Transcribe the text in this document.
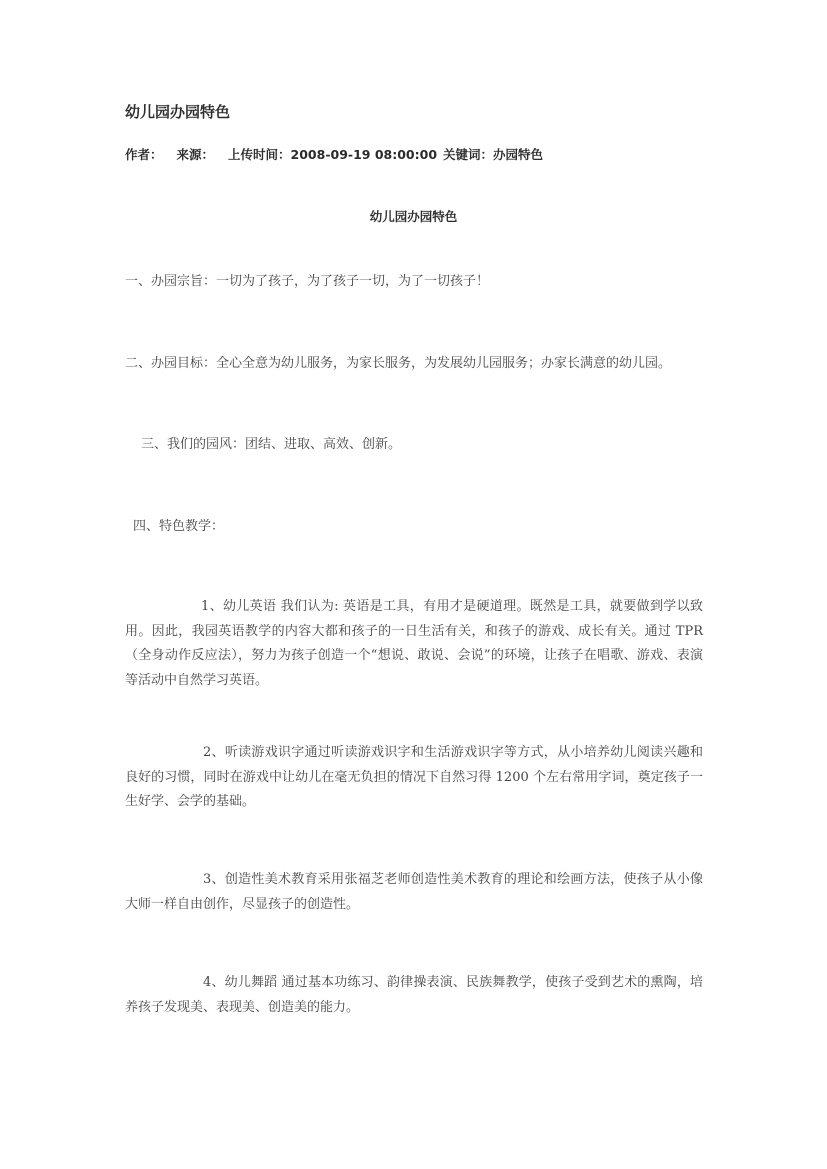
幼儿园办园特色
作者： 来源： 上传时间：2008-09-19 08:00:00 关键词：办园特色
幼儿园办园特色
一、办园宗旨：一切为了孩子，为了孩子一切，为了一切孩子！
二、办园目标：全心全意为幼儿服务，为家长服务，为发展幼儿园服务；办家长满意的幼儿园。
三、我们的园风：团结、进取、高效、创新。
四、特色教学：
1、幼儿英语 我们认为: 英语是工具，有用才是硬道理。既然是工具，就要做到学以致用。因此，我园英语教学的内容大都和孩子的一日生活有关，和孩子的游戏、成长有关。通过 TPR（全身动作反应法），努力为孩子创造一个“想说、敢说、会说”的环境，让孩子在唱歌、游戏、表演等活动中自然学习英语。
2、听读游戏识字通过听读游戏识字和生活游戏识字等方式，从小培养幼儿阅读兴趣和良好的习惯，同时在游戏中让幼儿在毫无负担的情况下自然习得 1200 个左右常用字词，奠定孩子一生好学、会学的基础。
3、创造性美术教育采用张福芝老师创造性美术教育的理论和绘画方法，使孩子从小像大师一样自由创作，尽显孩子的创造性。
4、幼儿舞蹈 通过基本功练习、韵律操表演、民族舞教学，使孩子受到艺术的熏陶，培养孩子发现美、表现美、创造美的能力。
